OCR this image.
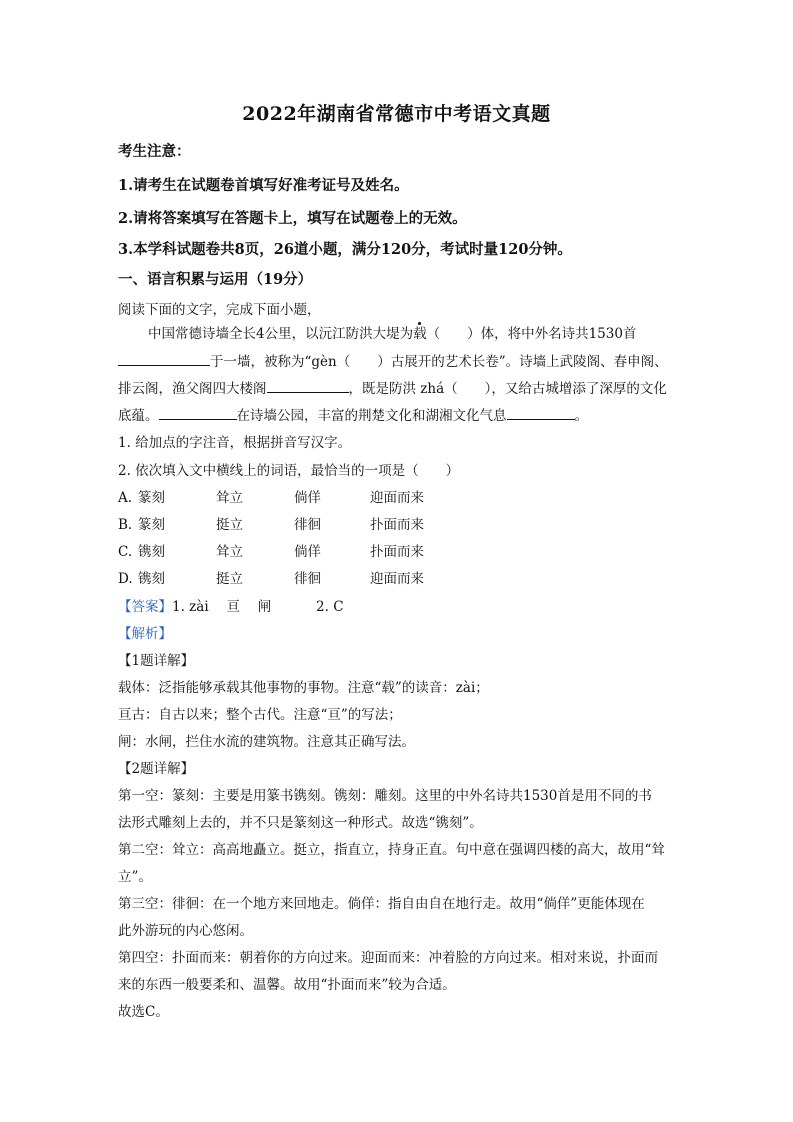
2022年湖南省常德市中考语文真题
考生注意：
1.请考生在试题卷首填写好准考证号及姓名。
2.请将答案填写在答题卡上，填写在试题卷上的无效。
3.本学科试题卷共8页，26道小题，满分120分，考试时量120分钟。
一、语言积累与运用（19分）
阅读下面的文字，完成下面小题，
中国常德诗墙全长4公里，以沅江防洪大堤为载（　　）体，将中外名诗共1530首
于一墙，被称为“gèn（　　）古展开的艺术长卷”。诗墙上武陵阁、春申阁、
排云阁，渔父阁四大楼阁	，既是防洪 zhá（　　），又给古城增添了深厚的文化
底蕴。	在诗墙公园，丰富的荆楚文化和湖湘文化气息	。
1. 给加点的字注音，根据拼音写汉字。
2. 依次填入文中横线上的词语，最恰当的一项是（　　）
A. 篆刻	耸立	倘佯	迎面而来
B. 篆刻	挺立	徘徊	扑面而来
C. 镌刻	耸立	倘佯	扑面而来
D. 镌刻	挺立	徘徊	迎面而来
【答案】1. zài　 亘　 闸　　　 2. C
【解析】
【1题详解】
载体：泛指能够承载其他事物的事物。注意“载”的读音：zài；
亘古：自古以来；整个古代。注意“亘”的写法；
闸：水闸，拦住水流的建筑物。注意其正确写法。
【2题详解】
第一空：篆刻：主要是用篆书镌刻。镌刻：雕刻。这里的中外名诗共1530首是用不同的书
法形式雕刻上去的，并不只是篆刻这一种形式。故选“镌刻”。
第二空：耸立：高高地矗立。挺立，指直立，持身正直。句中意在强调四楼的高大，故用“耸
立”。
第三空：徘徊：在一个地方来回地走。倘佯：指自由自在地行走。故用“倘佯”更能体现在
此外游玩的内心悠闲。
第四空：扑面而来：朝着你的方向过来。迎面而来：冲着脸的方向过来。相对来说，扑面而
来的东西一般要柔和、温馨。故用“扑面而来”较为合适。
故选C。
